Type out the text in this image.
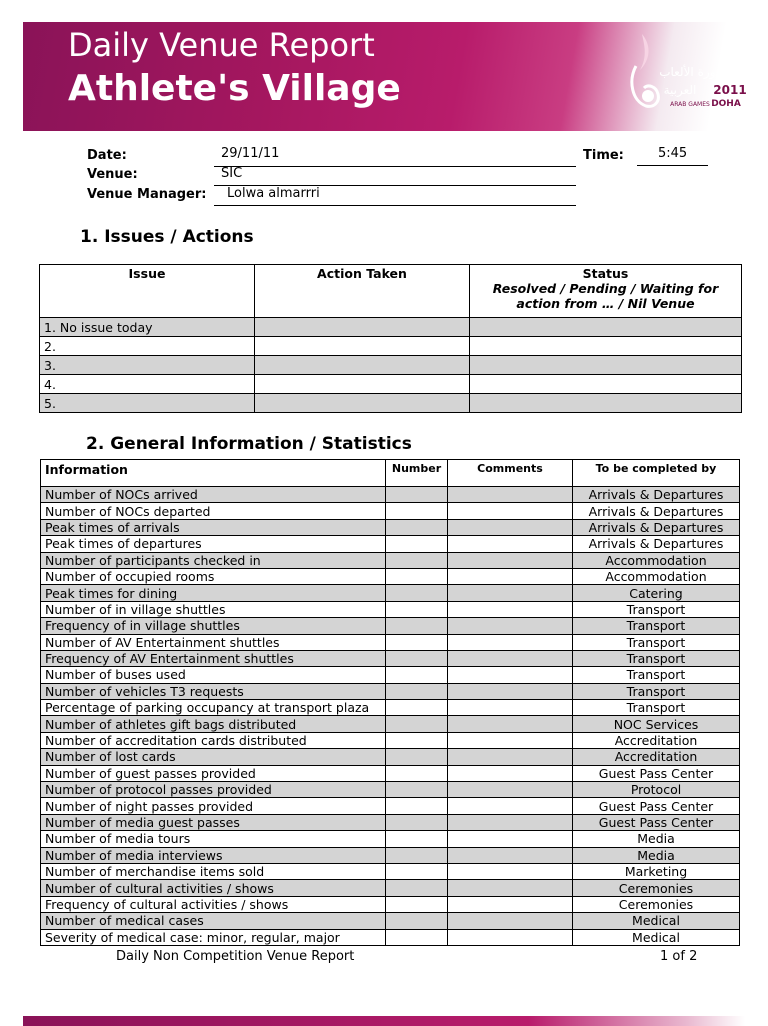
Daily Venue Report
Athlete's Village	دورة الألعاب
العربية 2011
ARAB GAMES DOHA
Date:	29/11/11
Venue:	SIC
Venue Manager: Lolwa almarrri
Time:	5:45
1. Issues / Actions
Issue	Action Taken	Status
Resolved / Pending / Waiting for action from … / Nil Venue

1. No issue today		
2.		
3.		
4.		
5.		
2. General Information / Statistics
Information	Number	Comments	To be completed by
Number of NOCs arrived			Arrivals & Departures
Number of NOCs departed			Arrivals & Departures
Peak times of arrivals			Arrivals & Departures
Peak times of departures			Arrivals & Departures
Number of participants checked in			Accommodation
Number of occupied rooms			Accommodation
Peak times for dining			Catering
Number of in village shuttles			Transport
Frequency of in village shuttles			Transport
Number of AV Entertainment shuttles			Transport
Frequency of AV Entertainment shuttles			Transport
Number of buses used			Transport
Number of vehicles T3 requests			Transport
Percentage of parking occupancy at transport plaza			Transport
Number of athletes gift bags distributed			NOC Services
Number of accreditation cards distributed			Accreditation
Number of lost cards			Accreditation
Number of guest passes provided			Guest Pass Center
Number of protocol passes provided			Protocol
Number of night passes provided			Guest Pass Center
Number of media guest passes			Guest Pass Center
Number of media tours			Media
Number of media interviews			Media
Number of merchandise items sold			Marketing
Number of cultural activities / shows			Ceremonies
Frequency of cultural activities / shows			Ceremonies
Number of medical cases			Medical
Severity of medical case: minor, regular, major			Medical
Daily Non Competition Venue Report	1 of 2
